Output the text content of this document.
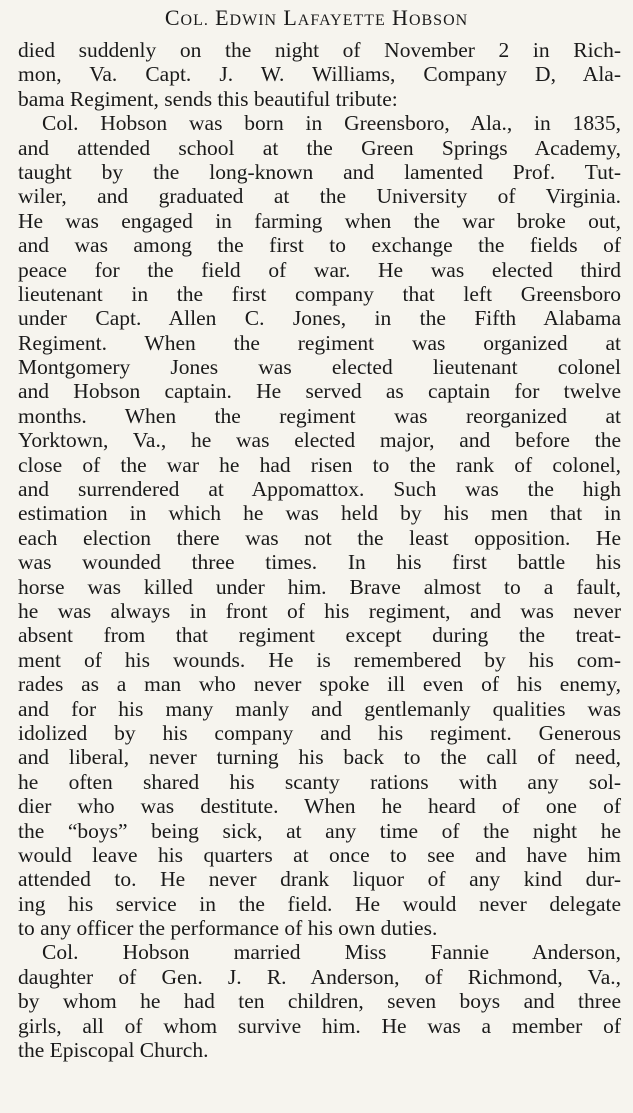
COL. EDWIN LAFAYETTE HOBSON
died suddenly on the night of November 2 in Rich-
mon, Va. Capt. J. W. Williams, Company D, Ala-
bama Regiment, sends this beautiful tribute:
Col. Hobson was born in Greensboro, Ala., in 1835,
and attended school at the Green Springs Academy,
taught by the long-known and lamented Prof. Tut-
wiler, and graduated at the University of Virginia.
He was engaged in farming when the war broke out,
and was among the first to exchange the fields of
peace for the field of war. He was elected third
lieutenant in the first company that left Greensboro
under Capt. Allen C. Jones, in the Fifth Alabama
Regiment. When the regiment was organized at
Montgomery Jones was elected lieutenant colonel
and Hobson captain. He served as captain for twelve
months. When the regiment was reorganized at
Yorktown, Va., he was elected major, and before the
close of the war he had risen to the rank of colonel,
and surrendered at Appomattox. Such was the high
estimation in which he was held by his men that in
each election there was not the least opposition. He
was wounded three times. In his first battle his
horse was killed under him. Brave almost to a fault,
he was always in front of his regiment, and was never
absent from that regiment except during the treat-
ment of his wounds. He is remembered by his com-
rades as a man who never spoke ill even of his enemy,
and for his many manly and gentlemanly qualities was
idolized by his company and his regiment. Generous
and liberal, never turning his back to the call of need,
he often shared his scanty rations with any sol-
dier who was destitute. When he heard of one of
the “boys” being sick, at any time of the night he
would leave his quarters at once to see and have him
attended to. He never drank liquor of any kind dur-
ing his service in the field. He would never delegate
to any officer the performance of his own duties.
Col. Hobson married Miss Fannie Anderson,
daughter of Gen. J. R. Anderson, of Richmond, Va.,
by whom he had ten children, seven boys and three
girls, all of whom survive him. He was a member of
the Episcopal Church.
